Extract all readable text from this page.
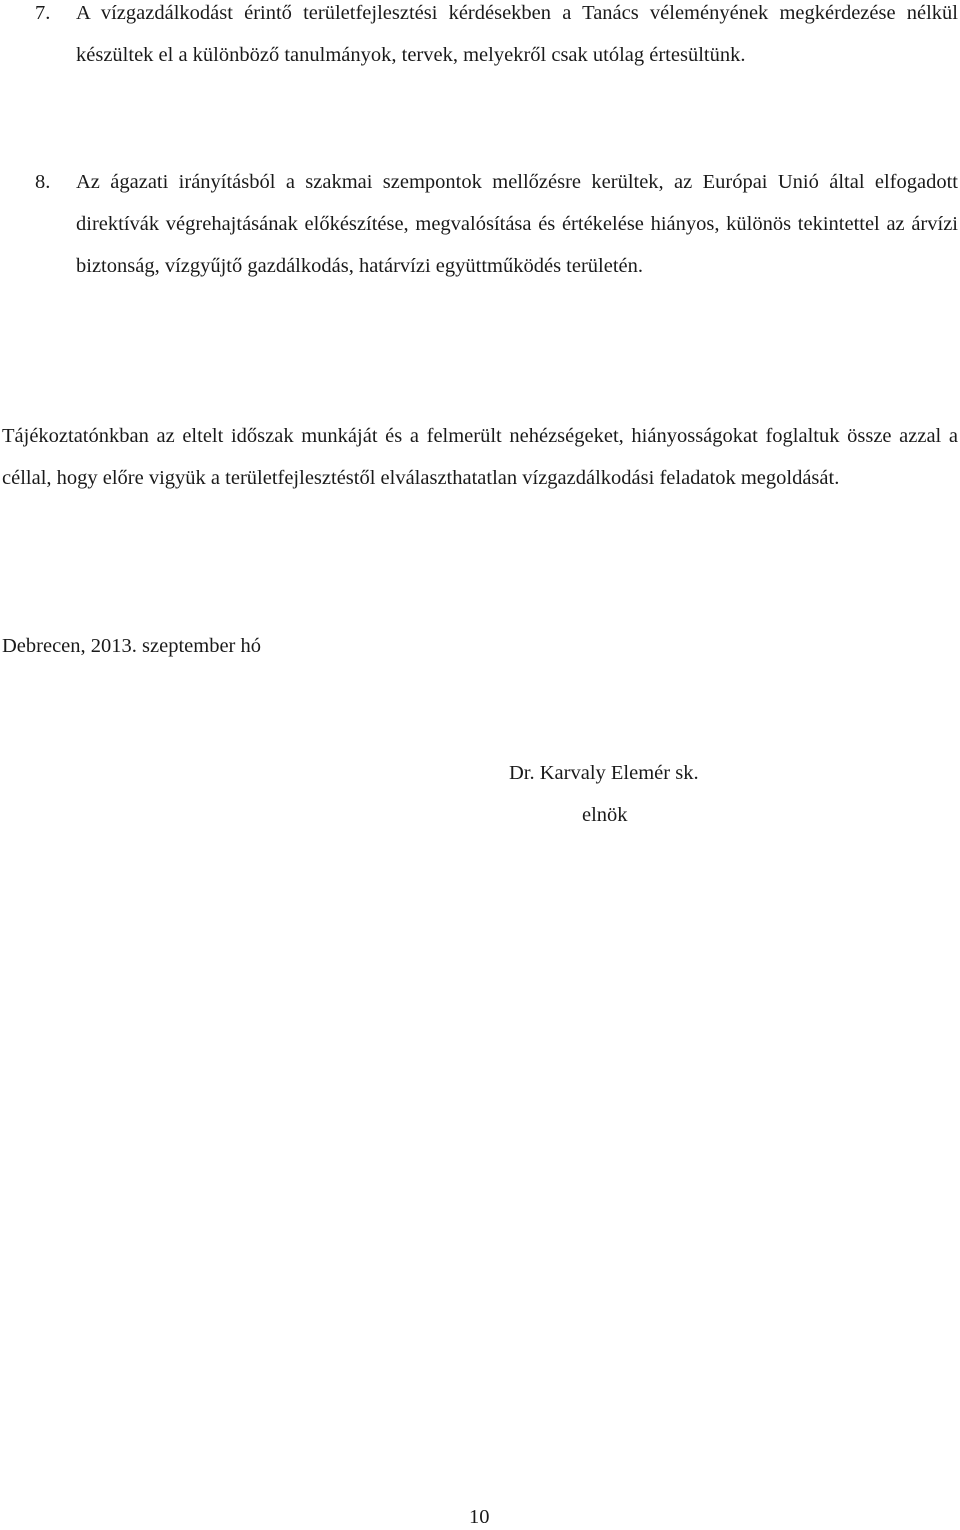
7. A vízgazdálkodást érintő területfejlesztési kérdésekben a Tanács véleményének megkérdezése nélkül készültek el a különböző tanulmányok, tervek, melyekről csak utólag értesültünk.
8. Az ágazati irányításból a szakmai szempontok mellőzésre kerültek, az Európai Unió által elfogadott direktívák végrehajtásának előkészítése, megvalósítása és értékelése hiányos, különös tekintettel az árvízi biztonság, vízgyűjtő gazdálkodás, határvízi együttműködés területén.
Tájékoztatónkban az eltelt időszak munkáját és a felmerült nehézségeket, hiányosságokat foglaltuk össze azzal a céllal, hogy előre vigyük a területfejlesztéstől elválaszthatatlan vízgazdálkodási feladatok megoldását.
Debrecen, 2013. szeptember hó
Dr. Karvaly Elemér sk.
elnök
10
